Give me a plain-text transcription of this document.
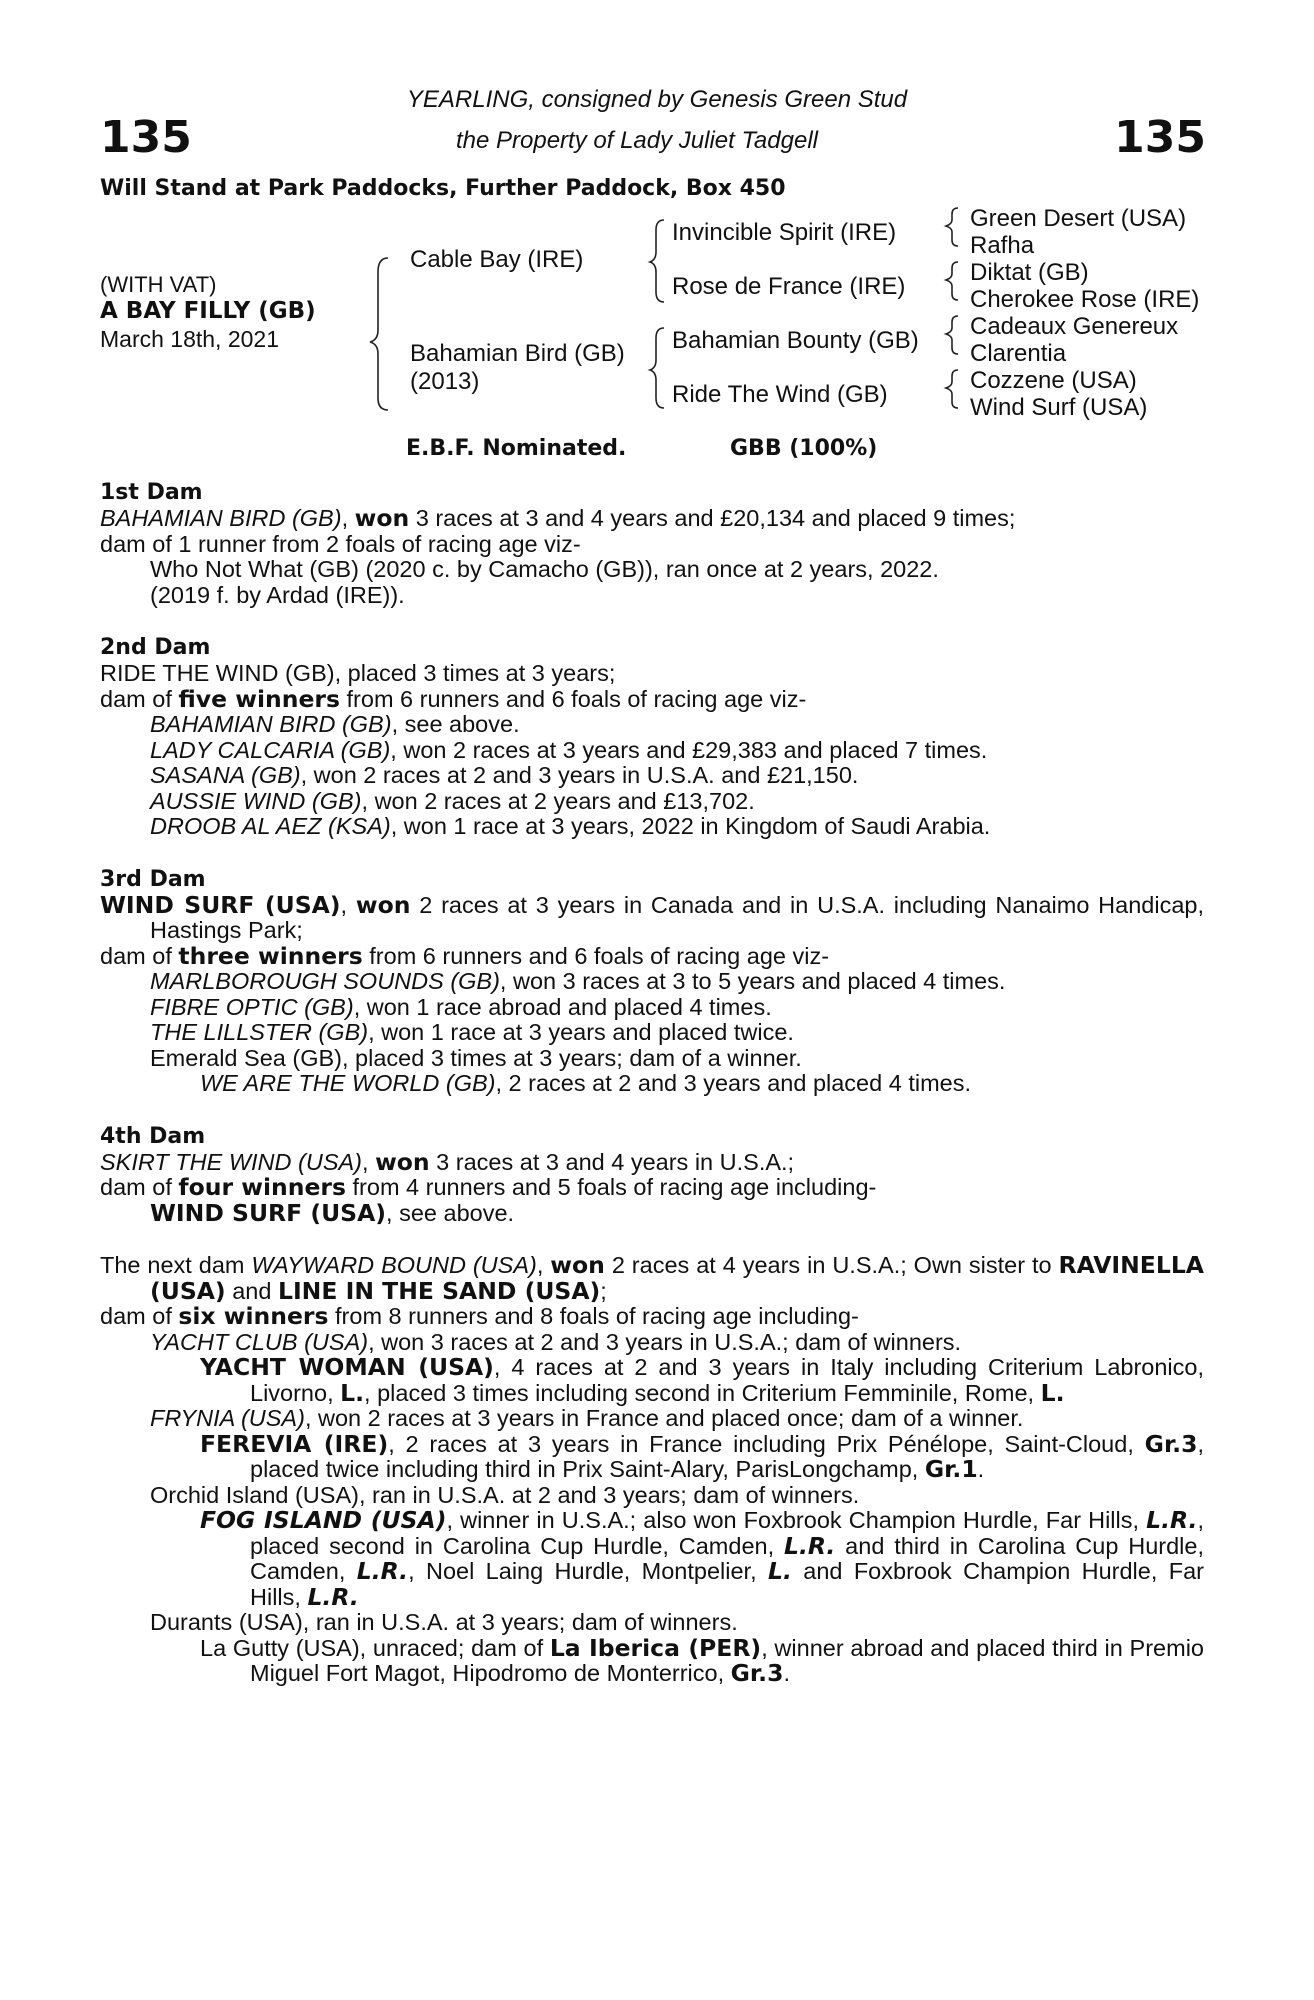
135	135
YEARLING, consigned by Genesis Green Stud
the Property of Lady Juliet Tadgell
Will Stand at Park Paddocks, Further Paddock, Box 450
(WITH VAT)
A BAY FILLY (GB)
March 18th, 2021
Cable Bay (IRE)
Bahamian Bird (GB)
(2013)
Invincible Spirit (IRE)
Rose de France (IRE)
Bahamian Bounty (GB)
Ride The Wind (GB)
Green Desert (USA)
Rafha
Diktat (GB)
Cherokee Rose (IRE)
Cadeaux Genereux
Clarentia
Cozzene (USA)
Wind Surf (USA)
E.B.F. Nominated.	GBB (100%)
1st Dam
BAHAMIAN BIRD (GB), won 3 races at 3 and 4 years and £20,134 and placed 9 times;
dam of 1 runner from 2 foals of racing age viz-
Who Not What (GB) (2020 c. by Camacho (GB)), ran once at 2 years, 2022.
(2019 f. by Ardad (IRE)).
2nd Dam
RIDE THE WIND (GB), placed 3 times at 3 years;
dam of five winners from 6 runners and 6 foals of racing age viz-
BAHAMIAN BIRD (GB), see above.
LADY CALCARIA (GB), won 2 races at 3 years and £29,383 and placed 7 times.
SASANA (GB), won 2 races at 2 and 3 years in U.S.A. and £21,150.
AUSSIE WIND (GB), won 2 races at 2 years and £13,702.
DROOB AL AEZ (KSA), won 1 race at 3 years, 2022 in Kingdom of Saudi Arabia.
3rd Dam
WIND SURF (USA), won 2 races at 3 years in Canada and in U.S.A. including Nanaimo Handicap, Hastings Park;
dam of three winners from 6 runners and 6 foals of racing age viz-
MARLBOROUGH SOUNDS (GB), won 3 races at 3 to 5 years and placed 4 times.
FIBRE OPTIC (GB), won 1 race abroad and placed 4 times.
THE LILLSTER (GB), won 1 race at 3 years and placed twice.
Emerald Sea (GB), placed 3 times at 3 years; dam of a winner.
WE ARE THE WORLD (GB), 2 races at 2 and 3 years and placed 4 times.
4th Dam
SKIRT THE WIND (USA), won 3 races at 3 and 4 years in U.S.A.;
dam of four winners from 4 runners and 5 foals of racing age including-
WIND SURF (USA), see above.
The next dam WAYWARD BOUND (USA), won 2 races at 4 years in U.S.A.; Own sister to RAVINELLA (USA) and LINE IN THE SAND (USA);
dam of six winners from 8 runners and 8 foals of racing age including-
YACHT CLUB (USA), won 3 races at 2 and 3 years in U.S.A.; dam of winners.
YACHT WOMAN (USA), 4 races at 2 and 3 years in Italy including Criterium Labronico, Livorno, L., placed 3 times including second in Criterium Femminile, Rome, L.
FRYNIA (USA), won 2 races at 3 years in France and placed once; dam of a winner.
FEREVIA (IRE), 2 races at 3 years in France including Prix Pénélope, Saint-Cloud, Gr.3, placed twice including third in Prix Saint-Alary, ParisLongchamp, Gr.1.
Orchid Island (USA), ran in U.S.A. at 2 and 3 years; dam of winners.
FOG ISLAND (USA), winner in U.S.A.; also won Foxbrook Champion Hurdle, Far Hills, L.R., placed second in Carolina Cup Hurdle, Camden, L.R. and third in Carolina Cup Hurdle, Camden, L.R., Noel Laing Hurdle, Montpelier, L. and Foxbrook Champion Hurdle, Far Hills, L.R.
Durants (USA), ran in U.S.A. at 3 years; dam of winners.
La Gutty (USA), unraced; dam of La Iberica (PER), winner abroad and placed third in Premio Miguel Fort Magot, Hipodromo de Monterrico, Gr.3.
